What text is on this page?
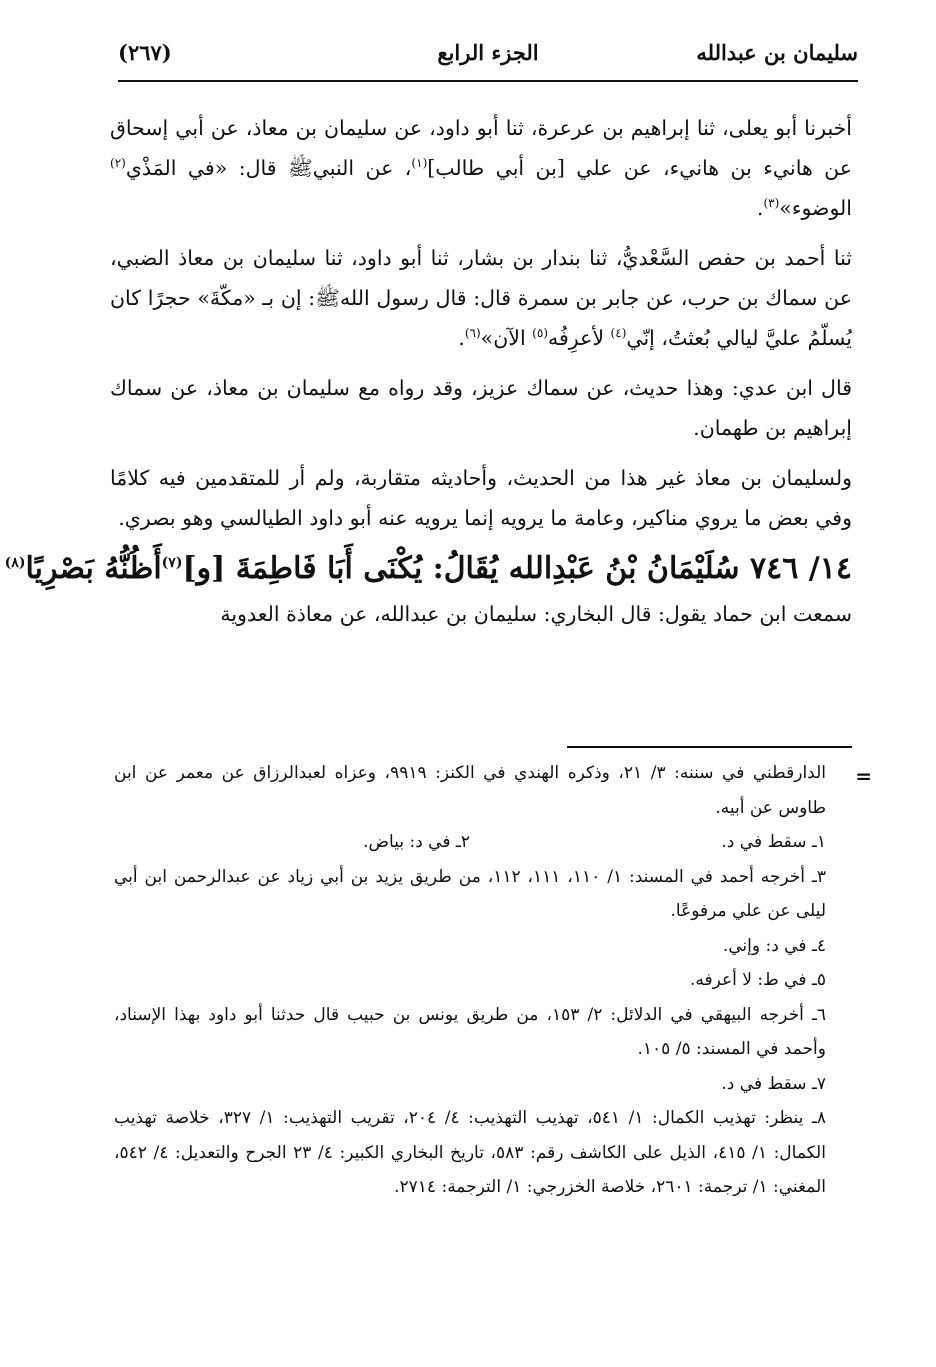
سليمان بن عبدالله
الجزء الرابع
(٢٦٧)

أخبرنا أبو يعلى، ثنا إبراهيم بن عرعرة، ثنا أبو داود، عن سليمان بن معاذ، عن أبي إسحاق عن هانيء بن هانيء، عن علي [بن أبي طالب]$^{(١)}$، عن النبيﷺ قال: «في المَذْي$^{(٢)}$ الوضوء»$^{(٣)}$.

ثنا أحمد بن حفص السَّعْديُّ، ثنا بندار بن بشار، ثنا أبو داود، ثنا سليمان بن معاذ الضبي، عن سماك بن حرب، عن جابر بن سمرة قال: قال رسول اللهﷺ: إن بـ «مكّةَ» حجرًا كان يُسلّمُ عليَّ ليالي بُعثتُ، إنّي$^{(٤)}$ لأعرِفُه$^{(٥)}$ الآن»$^{(٦)}$.

قال ابن عدي: وهذا حديث، عن سماك عزيز، وقد رواه مع سليمان بن معاذ، عن سماك إبراهيم بن طهمان.

ولسليمان بن معاذ غير هذا من الحديث، وأحاديثه متقاربة، ولم أر للمتقدمين فيه كلامًا وفي بعض ما يروي مناكير، وعامة ما يرويه إنما يرويه عنه أبو داود الطيالسي وهو بصري.

١٤/ ٧٤٦ سُلَيْمَانُ بْنُ عَبْدِالله يُقَالُ: يُكْنَى أَبَا فَاطِمَةَ [و]$^{(٧)}$أَظُنُّهُ بَصْرِيًا$^{(٨)}$

سمعت ابن حماد يقول: قال البخاري: سليمان بن عبدالله، عن معاذة العدوية

=

الدارقطني في سننه: ٣/ ٢١، وذكره الهندي في الكنز: ٩٩١٩، وعزاه لعبدالرزاق عن معمر عن ابن طاوس عن أبيه.

١ـ سقط في د.
٢ـ في د: بياض.

٣ـ أخرجه أحمد في المسند: ١/ ١١٠، ١١١، ١١٢، من طريق يزيد بن أبي زياد عن عبدالرحمن ابن أبي ليلى عن علي مرفوعًا.

٤ـ في د: وإني.

٥ـ في ط: لا أعرفه.

٦ـ أخرجه البيهقي في الدلائل: ٢/ ١٥٣، من طريق يونس بن حبيب قال حدثنا أبو داود بهذا الإسناد، وأحمد في المسند: ٥/ ١٠٥.

٧ـ سقط في د.

٨ـ ينظر: تهذيب الكمال: ١/ ٥٤١، تهذيب التهذيب: ٤/ ٢٠٤، تقريب التهذيب: ١/ ٣٢٧، خلاصة تهذيب الكمال: ١/ ٤١٥، الذيل على الكاشف رقم: ٥٨٣، تاريخ البخاري الكبير: ٤/ ٢٣ الجرح والتعديل: ٤/ ٥٤٢، المغني: ١/ ترجمة: ٢٦٠١، خلاصة الخزرجي: ١/ الترجمة: ٢٧١٤.
